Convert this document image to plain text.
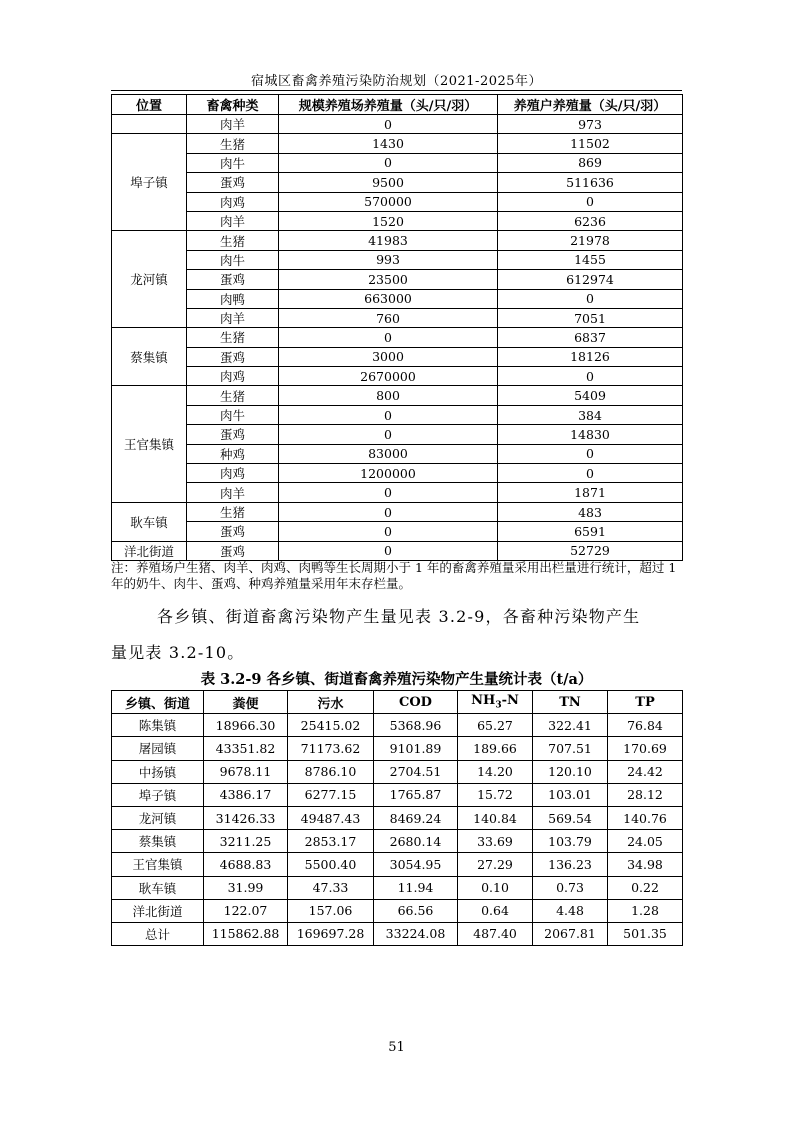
宿城区畜禽养殖污染防治规划（2021-2025年）
位置	畜禽种类	规模养殖场养殖量（头/只/羽）	养殖户养殖量（头/只/羽）
	肉羊	0	973
埠子镇	生猪	1430	11502
	肉牛	0	869
	蛋鸡	9500	511636
	肉鸡	570000	0
	肉羊	1520	6236
龙河镇	生猪	41983	21978
	肉牛	993	1455
	蛋鸡	23500	612974
	肉鸭	663000	0
	肉羊	760	7051
蔡集镇	生猪	0	6837
	蛋鸡	3000	18126
	肉鸡	2670000	0
王官集镇	生猪	800	5409
	肉牛	0	384
	蛋鸡	0	14830
	种鸡	83000	0
	肉鸡	1200000	0
	肉羊	0	1871
耿车镇	生猪	0	483
	蛋鸡	0	6591
洋北街道	蛋鸡	0	52729
注：养殖场户生猪、肉羊、肉鸡、肉鸭等生长周期小于 1 年的畜禽养殖量采用出栏量进行统计，超过 1 年的奶牛、肉牛、蛋鸡、种鸡养殖量采用年末存栏量。
各乡镇、街道畜禽污染物产生量见表 3.2-9，各畜种污染物产生
量见表 3.2-10。
表 3.2-9 各乡镇、街道畜禽养殖污染物产生量统计表（t/a）
乡镇、街道	粪便	污水	COD	$NH_3-N$	TN	TP
陈集镇	18966.30	25415.02	5368.96	65.27	322.41	76.84
屠园镇	43351.82	71173.62	9101.89	189.66	707.51	170.69
中扬镇	9678.11	8786.10	2704.51	14.20	120.10	24.42
埠子镇	4386.17	6277.15	1765.87	15.72	103.01	28.12
龙河镇	31426.33	49487.43	8469.24	140.84	569.54	140.76
蔡集镇	3211.25	2853.17	2680.14	33.69	103.79	24.05
王官集镇	4688.83	5500.40	3054.95	27.29	136.23	34.98
耿车镇	31.99	47.33	11.94	0.10	0.73	0.22
洋北街道	122.07	157.06	66.56	0.64	4.48	1.28
总计	115862.88	169697.28	33224.08	487.40	2067.81	501.35
51
